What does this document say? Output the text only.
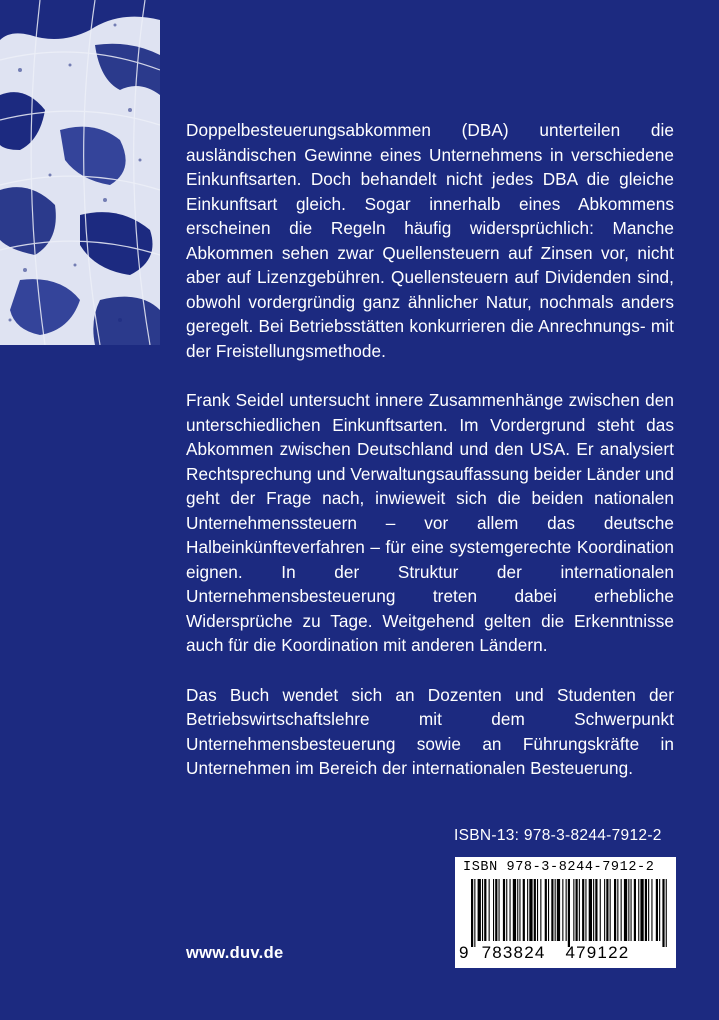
Doppelbesteuerungsabkommen (DBA) unterteilen die ausländischen Gewinne eines Unternehmens in verschiedene Einkunftsarten. Doch behandelt nicht jedes DBA die gleiche Einkunftsart gleich. Sogar innerhalb eines Abkommens erscheinen die Regeln häufig widersprüchlich: Manche Abkommen sehen zwar Quellensteuern auf Zinsen vor, nicht aber auf Lizenzgebühren. Quellensteuern auf Dividenden sind, obwohl vordergründig ganz ähnlicher Natur, nochmals anders geregelt. Bei Betriebsstätten konkurrieren die Anrechnungs- mit der Freistellungsmethode.

Frank Seidel untersucht innere Zusammenhänge zwischen den unterschiedlichen Einkunftsarten. Im Vordergrund steht das Abkommen zwischen Deutschland und den USA. Er analysiert Rechtsprechung und Verwaltungsauffassung beider Länder und geht der Frage nach, inwieweit sich die beiden nationalen Unternehmenssteuern – vor allem das deutsche Halbeinkünfteverfahren – für eine systemgerechte Koordination eignen. In der Struktur der internationalen Unternehmensbesteuerung treten dabei erhebliche Widersprüche zu Tage. Weitgehend gelten die Erkenntnisse auch für die Koordination mit anderen Ländern.

Das Buch wendet sich an Dozenten und Studenten der Betriebswirtschaftslehre mit dem Schwerpunkt Unternehmensbesteuerung sowie an Führungskräfte in Unternehmen im Bereich der internationalen Besteuerung.

ISBN-13: 978-3-8244-7912-2
ISBN 978-3-8244-7912-2
9 783824 479122
www.duv.de
